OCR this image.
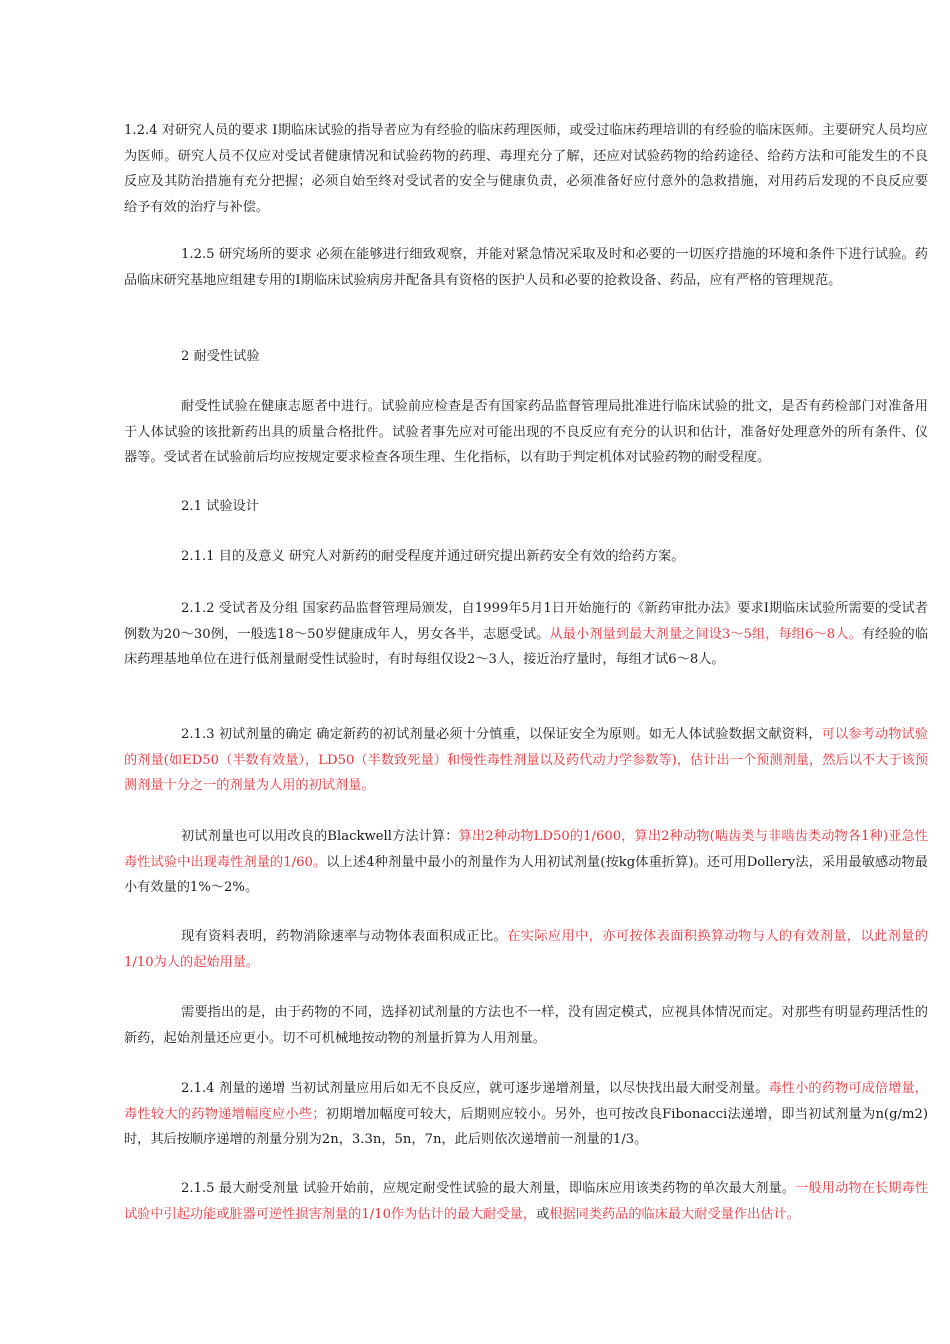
1.2.4 对研究人员的要求 I期临床试验的指导者应为有经验的临床药理医师，或受过临床药理培训的有经验的临床医师。主要研究人员均应为医师。研究人员不仅应对受试者健康情况和试验药物的药理、毒理充分了解，还应对试验药物的给药途径、给药方法和可能发生的不良反应及其防治措施有充分把握；必须自始至终对受试者的安全与健康负责，必须准备好应付意外的急救措施，对用药后发现的不良反应要给予有效的治疗与补偿。

1.2.5 研究场所的要求 必须在能够进行细致观察，并能对紧急情况采取及时和必要的一切医疗措施的环境和条件下进行试验。药品临床研究基地应组建专用的I期临床试验病房并配备具有资格的医护人员和必要的抢救设备、药品，应有严格的管理规范。

2 耐受性试验

耐受性试验在健康志愿者中进行。试验前应检查是否有国家药品监督管理局批准进行临床试验的批文，是否有药检部门对准备用于人体试验的该批新药出具的质量合格批件。试验者事先应对可能出现的不良反应有充分的认识和估计，准备好处理意外的所有条件、仪器等。受试者在试验前后均应按规定要求检查各项生理、生化指标，以有助于判定机体对试验药物的耐受程度。

2.1 试验设计

2.1.1 目的及意义 研究人对新药的耐受程度并通过研究提出新药安全有效的给药方案。

2.1.2 受试者及分组 国家药品监督管理局颁发，自1999年5月1日开始施行的《新药审批办法》要求I期临床试验所需要的受试者例数为20～30例，一般选18～50岁健康成年人，男女各半，志愿受试。从最小剂量到最大剂量之间设3～5组，每组6～8人。有经验的临床药理基地单位在进行低剂量耐受性试验时，有时每组仅设2～3人，接近治疗量时，每组才试6～8人。

2.1.3 初试剂量的确定 确定新药的初试剂量必须十分慎重，以保证安全为原则。如无人体试验数据文献资料，可以参考动物试验的剂量(如ED50（半数有效量），LD50（半数致死量）和慢性毒性剂量以及药代动力学参数等)，估计出一个预测剂量，然后以不大于该预测剂量十分之一的剂量为人用的初试剂量。

初试剂量也可以用改良的Blackwell方法计算：算出2种动物LD50的1/600，算出2种动物(啮齿类与非啮齿类动物各1种)亚急性毒性试验中出现毒性剂量的1/60。以上述4种剂量中最小的剂量作为人用初试剂量(按kg体重折算)。还可用Dollery法，采用最敏感动物最小有效量的1%～2%。

现有资料表明，药物消除速率与动物体表面积成正比。在实际应用中，亦可按体表面积换算动物与人的有效剂量，以此剂量的1/10为人的起始用量。

需要指出的是，由于药物的不同，选择初试剂量的方法也不一样，没有固定模式，应视具体情况而定。对那些有明显药理活性的新药，起始剂量还应更小。切不可机械地按动物的剂量折算为人用剂量。

2.1.4 剂量的递增 当初试剂量应用后如无不良反应，就可逐步递增剂量，以尽快找出最大耐受剂量。毒性小的药物可成倍增量，毒性较大的药物递增幅度应小些；初期增加幅度可较大，后期则应较小。另外，也可按改良Fibonacci法递增，即当初试剂量为n(g/m2)时，其后按顺序递增的剂量分别为2n，3.3n，5n，7n，此后则依次递增前一剂量的1/3。

2.1.5 最大耐受剂量 试验开始前，应规定耐受性试验的最大剂量，即临床应用该类药物的单次最大剂量。一般用动物在长期毒性试验中引起功能或脏器可逆性损害剂量的1/10作为估计的最大耐受量，或根据同类药品的临床最大耐受量作出估计。
